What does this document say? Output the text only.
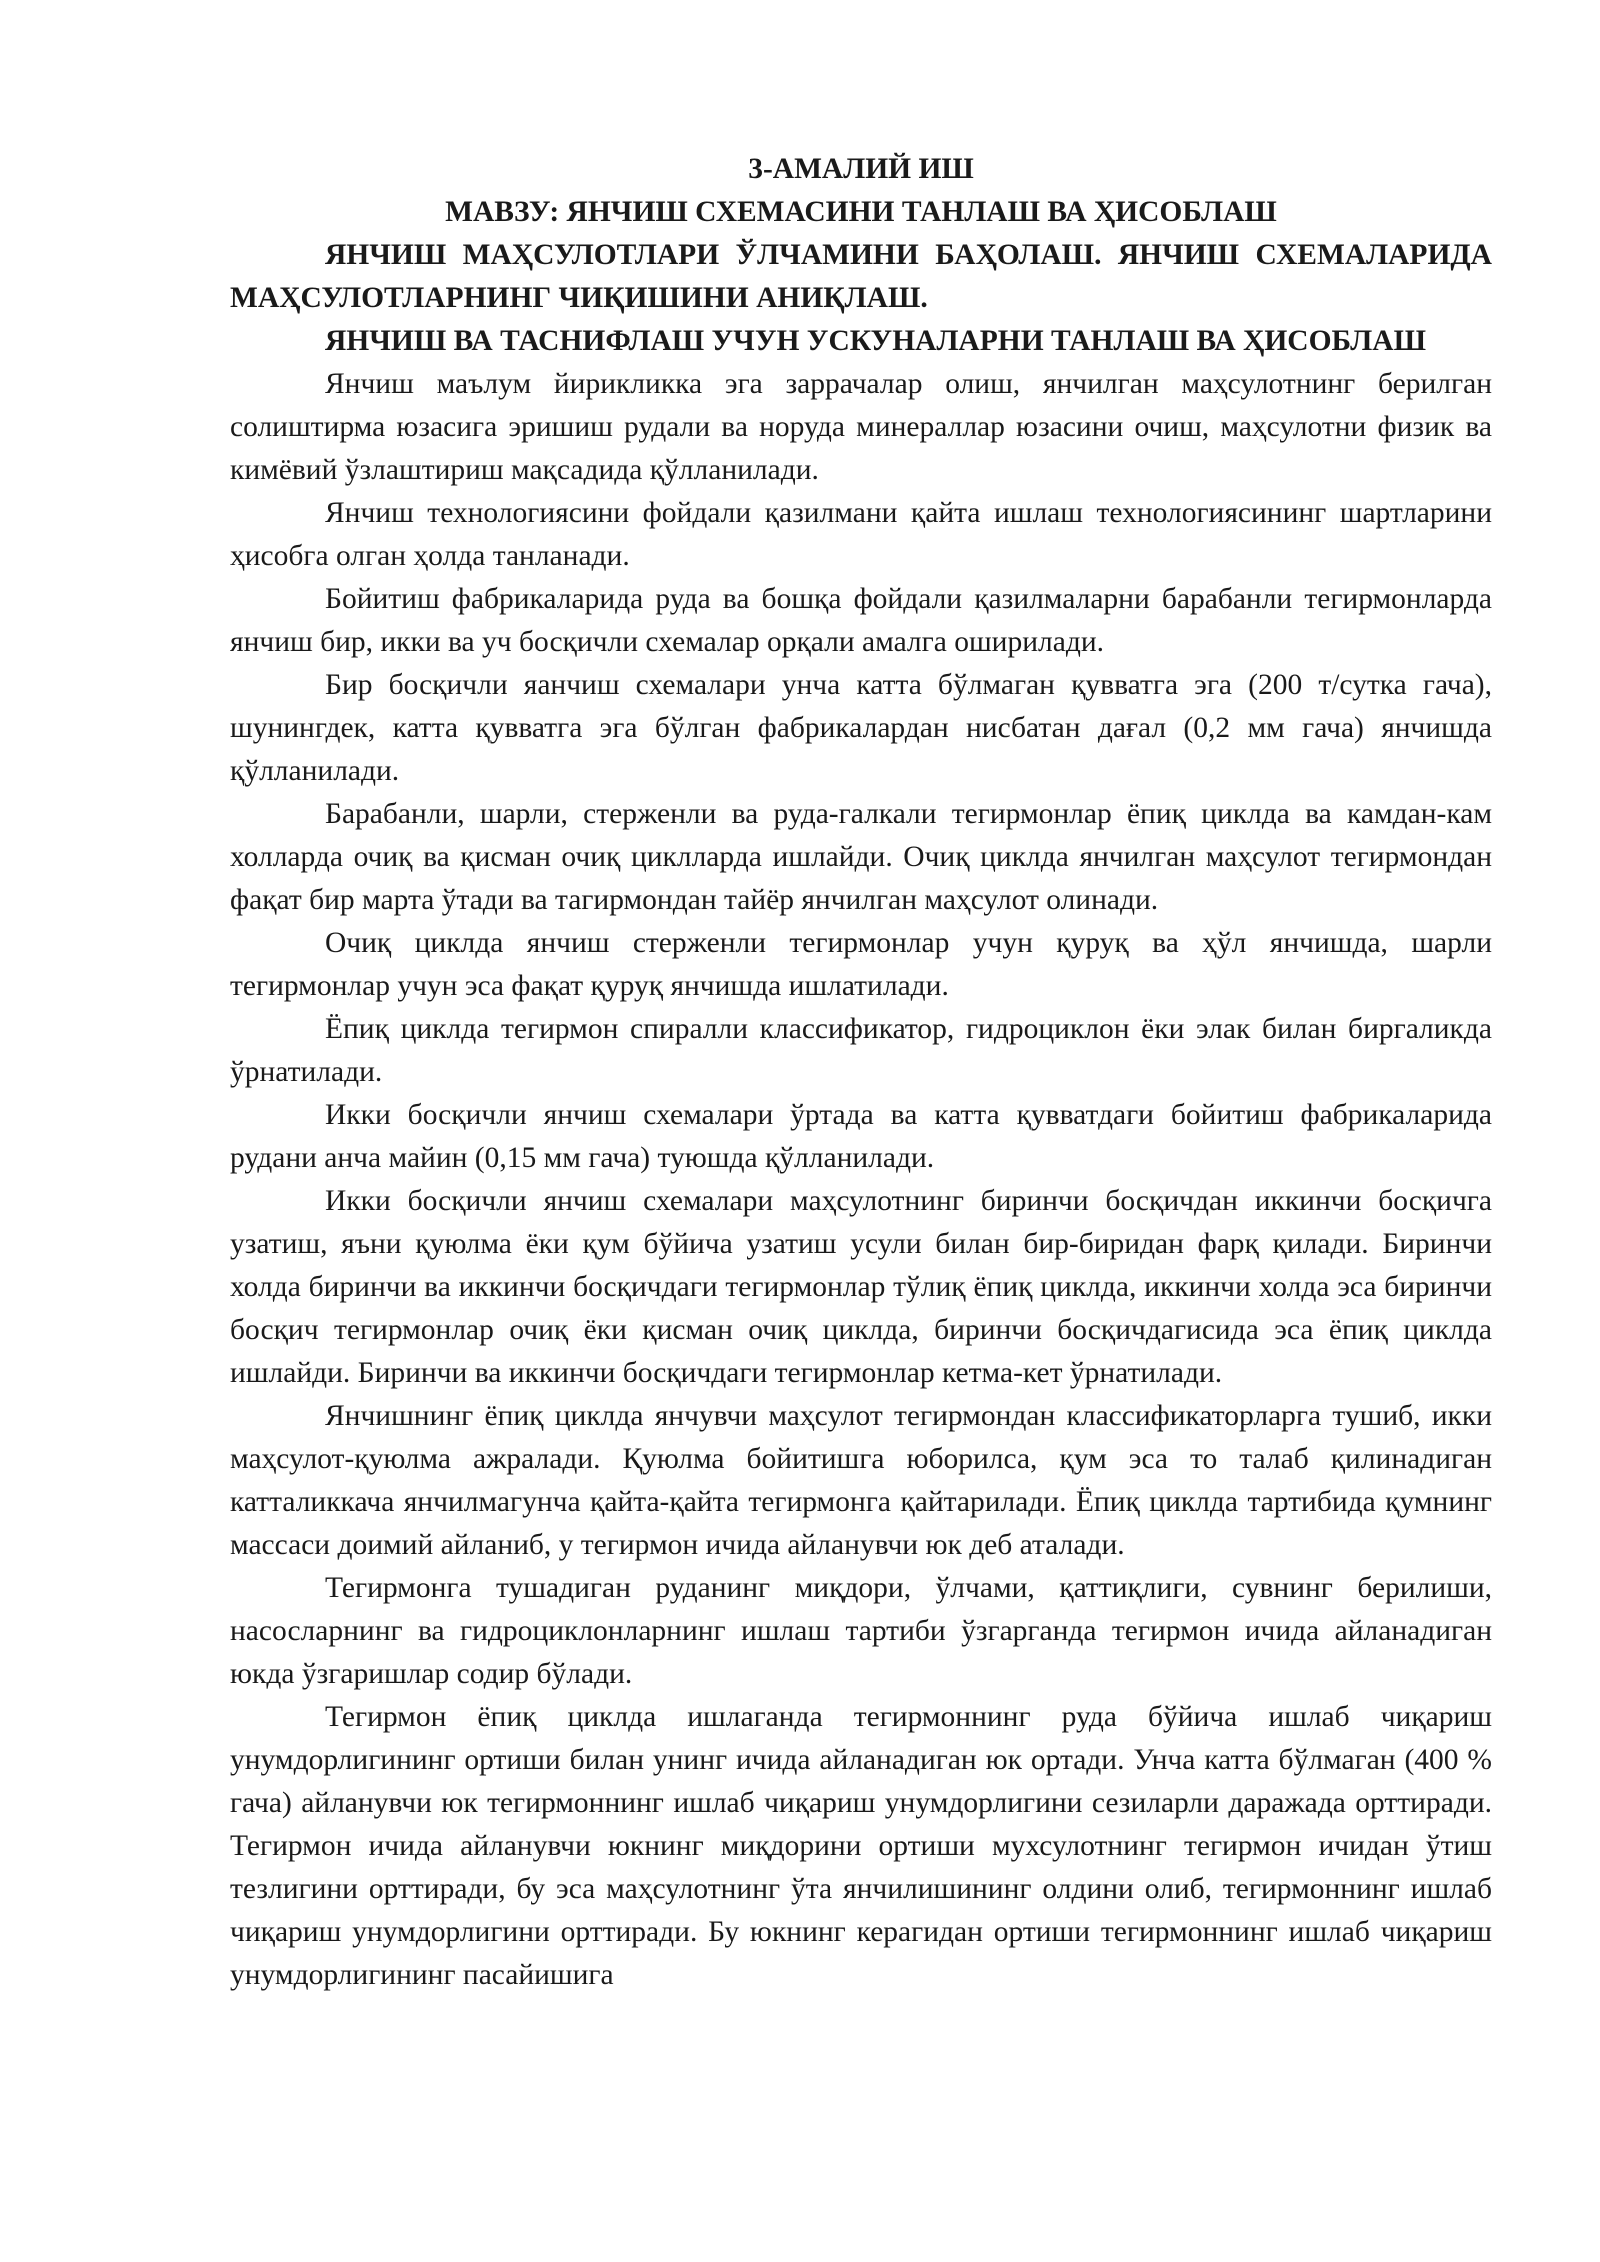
3-АМАЛИЙ ИШ

МАВЗУ: ЯНЧИШ СХЕМАСИНИ ТАНЛАШ ВА ҲИСОБЛАШ

ЯНЧИШ МАҲСУЛОТЛАРИ ЎЛЧАМИНИ БАҲОЛАШ. ЯНЧИШ СХЕМАЛАРИДА МАҲСУЛОТЛАРНИНГ ЧИҚИШИНИ АНИҚЛАШ.

ЯНЧИШ ВА ТАСНИФЛАШ УЧУН УСКУНАЛАРНИ ТАНЛАШ ВА ҲИСОБЛАШ

Янчиш маълум йирикликка эга заррачалар олиш, янчилган маҳсулотнинг берилган солиштирма юзасига эришиш рудали ва норуда минераллар юзасини очиш, маҳсулотни физик ва кимёвий ўзлаштириш мақсадида қўлланилади.

Янчиш технологиясини фойдали қазилмани қайта ишлаш технологиясининг шартларини ҳисобга олган ҳолда танланади.

Бойитиш фабрикаларида руда ва бошқа фойдали қазилмаларни барабанли тегирмонларда янчиш бир, икки ва уч босқичли схемалар орқали амалга оширилади.

Бир босқичли яанчиш схемалари унча катта бўлмаган қувватга эга (200 т/сутка гача), шунингдек, катта қувватга эга бўлган фабрикалардан нисбатан дағал (0,2 мм гача) янчишда қўлланилади.

Барабанли, шарли, стерженли ва руда-галкали тегирмонлар ёпиқ циклда ва камдан-кам холларда очиқ ва қисман очиқ циклларда ишлайди. Очиқ циклда янчилган маҳсулот тегирмондан фақат бир марта ўтади ва тагирмондан тайёр янчилган маҳсулот олинади.

Очиқ циклда янчиш стерженли тегирмонлар учун қуруқ ва ҳўл янчишда, шарли тегирмонлар учун эса фақат қуруқ янчишда ишлатилади.

Ёпиқ циклда тегирмон спиралли классификатор, гидроциклон ёки элак билан биргаликда ўрнатилади.

Икки босқичли янчиш схемалари ўртада ва катта қувватдаги бойитиш фабрикаларида рудани анча майин (0,15 мм гача) туюшда қўлланилади.

Икки босқичли янчиш схемалари маҳсулотнинг биринчи босқичдан иккинчи босқичга узатиш, яъни қуюлма ёки қум бўйича узатиш усули билан бир-биридан фарқ қилади. Биринчи холда биринчи ва иккинчи босқичдаги тегирмонлар тўлиқ ёпиқ циклда, иккинчи холда эса биринчи босқич тегирмонлар очиқ ёки қисман очиқ циклда, биринчи босқичдагисида эса ёпиқ циклда ишлайди. Биринчи ва иккинчи босқичдаги тегирмонлар кетма-кет ўрнатилади.

Янчишнинг ёпиқ циклда янчувчи маҳсулот тегирмондан классификаторларга тушиб, икки маҳсулот-қуюлма ажралади. Қуюлма бойитишга юборилса, қум эса то талаб қилинадиган катталиккача янчилмагунча қайта-қайта тегирмонга қайтарилади. Ёпиқ циклда тартибида қумнинг массаси доимий айланиб, у тегирмон ичида айланувчи юк деб аталади.

Тегирмонга тушадиган руданинг миқдори, ўлчами, қаттиқлиги, сувнинг берилиши, насосларнинг ва гидроциклонларнинг ишлаш тартиби ўзгарганда тегирмон ичида айланадиган юкда ўзгаришлар содир бўлади.

Тегирмон ёпиқ циклда ишлаганда тегирмоннинг руда бўйича ишлаб чиқариш унумдорлигининг ортиши билан унинг ичида айланадиган юк ортади. Унча катта бўлмаган (400 % гача) айланувчи юк тегирмоннинг ишлаб чиқариш унумдорлигини сезиларли даражада орттиради. Тегирмон ичида айланувчи юкнинг миқдорини ортиши мухсулотнинг тегирмон ичидан ўтиш тезлигини орттиради, бу эса маҳсулотнинг ўта янчилишининг олдини олиб, тегирмоннинг ишлаб чиқариш унумдорлигини орттиради. Бу юкнинг керагидан ортиши тегирмоннинг ишлаб чиқариш унумдорлигининг пасайишига
